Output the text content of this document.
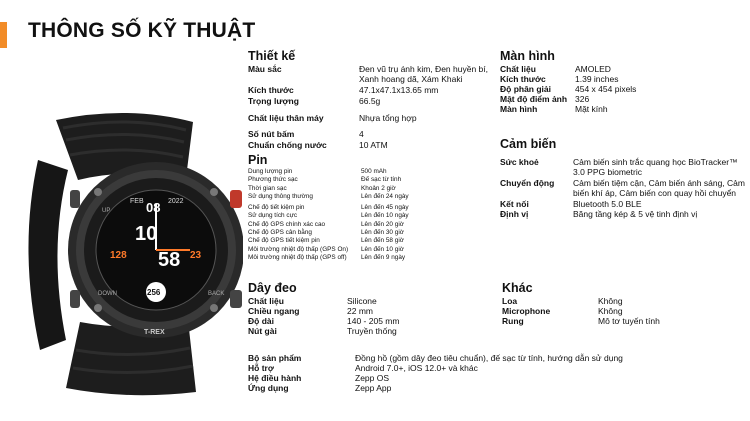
THÔNG SỐ KỸ THUẬT
FEB 08 2022
10
58
128	23
256
UP
DOWN	BACK
T-REX
Thiết kế
Màu sắc	Đen vũ trụ ánh kim, Đen huyền bí, Xanh hoang dã, Xám Khaki
Kích thước	47.1x47.1x13.65 mm
Trọng lượng	66.5g
Chất liệu thân máy	Nhựa tổng hợp
Số nút bấm	4
Chuẩn chống nước	10 ATM
Pin
Dung lượng pin	500 mAh
Phương thức sạc	Đế sạc từ tính
Thời gian sạc	Khoản 2 giờ
Sử dụng thông thường	Lên đến 24 ngày
Chế độ tiết kiệm pin	Lên đến 45 ngày
Sử dụng tích cực	Lên đến 10 ngày
Chế độ GPS chính xác cao	Lên đến 20 giờ
Chế độ GPS cân bằng	Lên đến 30 giờ
Chế độ GPS tiết kiệm pin	Lên đến 58 giờ
Môi trường nhiệt độ thấp (GPS On)	Lên đến 10 giờ
Môi trường nhiệt độ thấp (GPS off)	Lên đến 9 ngày
Dây đeo
Chất liệu	Silicone
Chiều ngang	22 mm
Độ dài	140 - 205 mm
Nút gài	Truyền thống
Bộ sản phẩm	Đồng hồ (gồm dây đeo tiêu chuẩn), đế sạc từ tính, hướng dẫn sử dụng
Hỗ trợ	Android 7.0+, iOS 12.0+ và khác
Hệ điều hành	Zepp OS
Ứng dụng	Zepp App
Màn hình
Chất liệu	AMOLED
Kích thước	1.39 inches
Độ phân giải	454 x 454 pixels
Mật độ điểm ảnh 326
Màn hình	Mặt kính
Cảm biến
Sức khoẻ	Cảm biến sinh trắc quang học BioTracker™ 3.0 PPG biometric
Chuyển động	Cảm biến tiệm cận, Cảm biến ánh sáng, Cảm biến khí áp, Cảm biến con quay hồi chuyển
Kết nối	Bluetooth 5.0 BLE
Định vị	Băng tầng kép & 5 vệ tinh định vị
Khác
Loa	Không
Microphone	Không
Rung	Mô tơ tuyến tính
